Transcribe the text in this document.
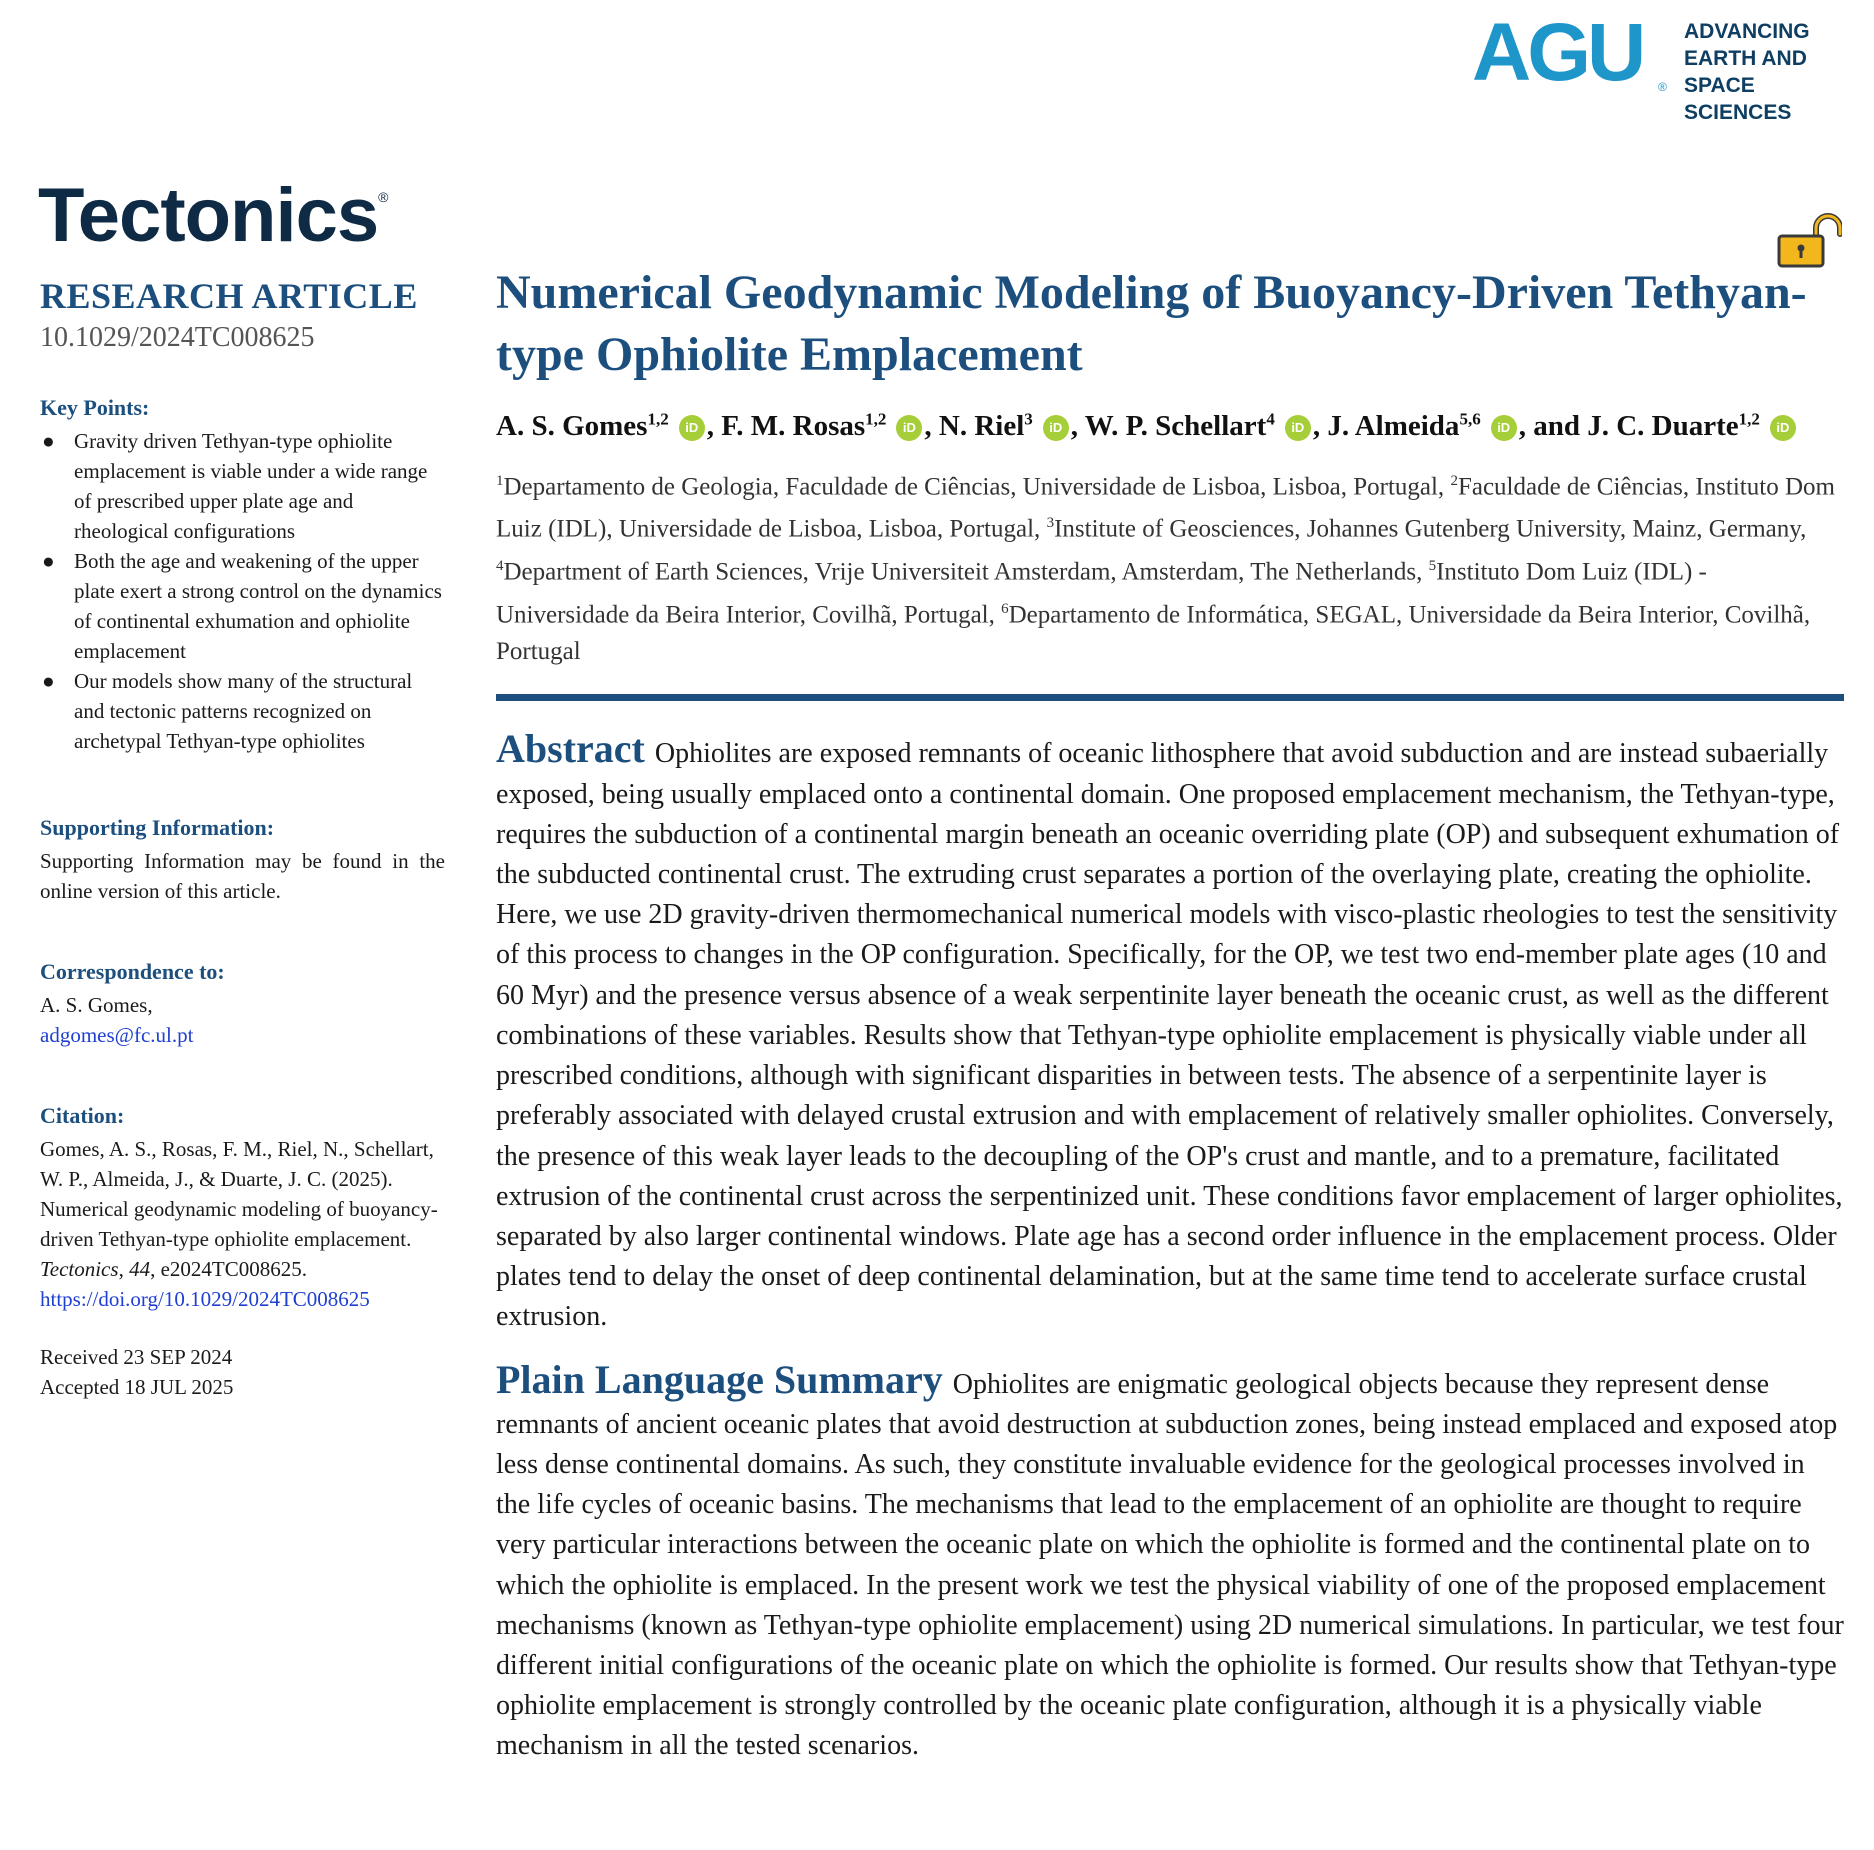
AGU ®
ADVANCING
EARTH AND
SPACE SCIENCES
Tectonics®
RESEARCH ARTICLE
10.1029/2024TC008625
Key Points:
● Gravity driven Tethyan-type ophiolite emplacement is viable under a wide range of prescribed upper plate age and rheological configurations
● Both the age and weakening of the upper plate exert a strong control on the dynamics of continental exhumation and ophiolite emplacement
● Our models show many of the structural and tectonic patterns recognized on archetypal Tethyan-type ophiolites
Supporting Information:
Supporting Information may be found in the online version of this article.
Correspondence to:
A. S. Gomes,
adgomes@fc.ul.pt
Citation:
Gomes, A. S., Rosas, F. M., Riel, N., Schellart, W. P., Almeida, J., & Duarte, J. C. (2025). Numerical geodynamic modeling of buoyancy-driven Tethyan-type ophiolite emplacement. Tectonics, 44, e2024TC008625. https://doi.org/10.1029/2024TC008625
Received 23 SEP 2024
Accepted 18 JUL 2025
Numerical Geodynamic Modeling of Buoyancy-Driven Tethyan-type Ophiolite Emplacement
A. S. Gomes$^{1,2}$ iD , F. M. Rosas$^{1,2}$ iD , N. Riel$^3$ iD , W. P. Schellart$^4$ iD , J. Almeida$^{5,6}$ iD , and J. C. Duarte$^{1,2}$ iD
$^1$Departamento de Geologia, Faculdade de Ciências, Universidade de Lisboa, Lisboa, Portugal, $^2$Faculdade de Ciências, Instituto Dom Luiz (IDL), Universidade de Lisboa, Lisboa, Portugal, $^3$Institute of Geosciences, Johannes Gutenberg University, Mainz, Germany, $^4$Department of Earth Sciences, Vrije Universiteit Amsterdam, Amsterdam, The Netherlands, $^5$Instituto Dom Luiz (IDL) - Universidade da Beira Interior, Covilhã, Portugal, $^6$Departamento de Informática, SEGAL, Universidade da Beira Interior, Covilhã, Portugal
Abstract Ophiolites are exposed remnants of oceanic lithosphere that avoid subduction and are instead subaerially exposed, being usually emplaced onto a continental domain. One proposed emplacement mechanism, the Tethyan-type, requires the subduction of a continental margin beneath an oceanic overriding plate (OP) and subsequent exhumation of the subducted continental crust. The extruding crust separates a portion of the overlaying plate, creating the ophiolite. Here, we use 2D gravity-driven thermomechanical numerical models with visco-plastic rheologies to test the sensitivity of this process to changes in the OP configuration. Specifically, for the OP, we test two end-member plate ages (10 and 60 Myr) and the presence versus absence of a weak serpentinite layer beneath the oceanic crust, as well as the different combinations of these variables. Results show that Tethyan-type ophiolite emplacement is physically viable under all prescribed conditions, although with significant disparities in between tests. The absence of a serpentinite layer is preferably associated with delayed crustal extrusion and with emplacement of relatively smaller ophiolites. Conversely, the presence of this weak layer leads to the decoupling of the OP's crust and mantle, and to a premature, facilitated extrusion of the continental crust across the serpentinized unit. These conditions favor emplacement of larger ophiolites, separated by also larger continental windows. Plate age has a second order influence in the emplacement process. Older plates tend to delay the onset of deep continental delamination, but at the same time tend to accelerate surface crustal extrusion.
Plain Language Summary Ophiolites are enigmatic geological objects because they represent dense remnants of ancient oceanic plates that avoid destruction at subduction zones, being instead emplaced and exposed atop less dense continental domains. As such, they constitute invaluable evidence for the geological processes involved in the life cycles of oceanic basins. The mechanisms that lead to the emplacement of an ophiolite are thought to require very particular interactions between the oceanic plate on which the ophiolite is formed and the continental plate on to which the ophiolite is emplaced. In the present work we test the physical viability of one of the proposed emplacement mechanisms (known as Tethyan-type ophiolite emplacement) using 2D numerical simulations. In particular, we test four different initial configurations of the oceanic plate on which the ophiolite is formed. Our results show that Tethyan-type ophiolite emplacement is strongly controlled by the oceanic plate configuration, although it is a physically viable mechanism in all the tested scenarios.
